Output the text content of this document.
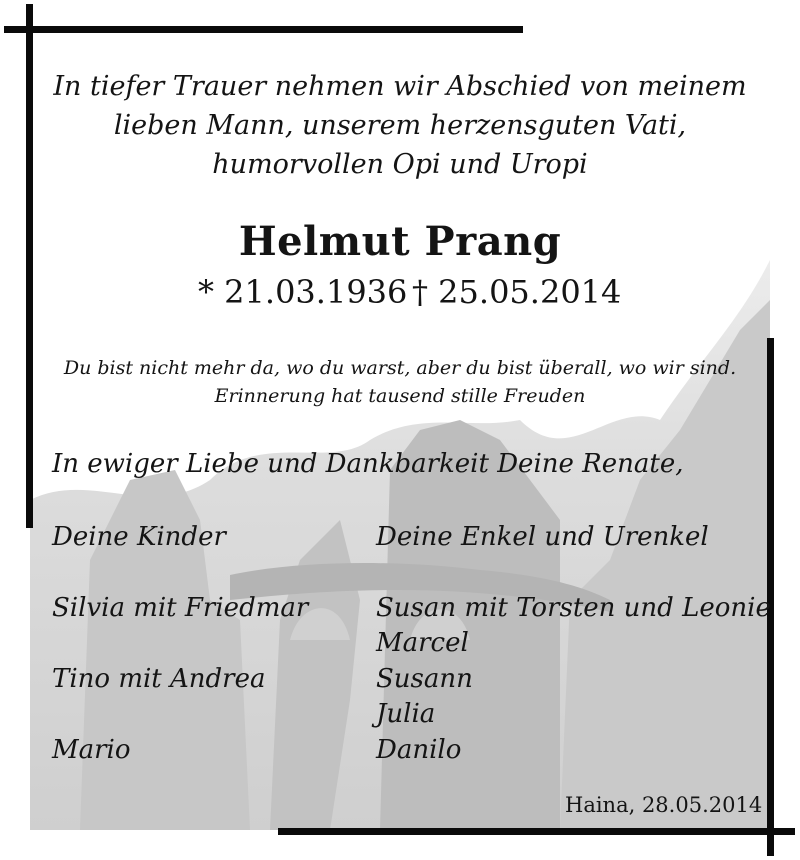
In tiefer Trauer nehmen wir Abschied von meinem
lieben Mann, unserem herzensguten Vati,
humorvollen Opi und Uropi
Helmut Prang
* 21.03.1936 † 25.05.2014
Du bist nicht mehr da, wo du warst, aber du bist überall, wo wir sind.
Erinnerung hat tausend stille Freuden
In ewiger Liebe und Dankbarkeit Deine Renate,
Deine Kinder
Silvia mit Friedmar
Tino mit Andrea
Mario
Deine Enkel und Urenkel
Susan mit Torsten und Leonie
Marcel
Susann
Julia
Danilo
Haina, 28.05.2014
